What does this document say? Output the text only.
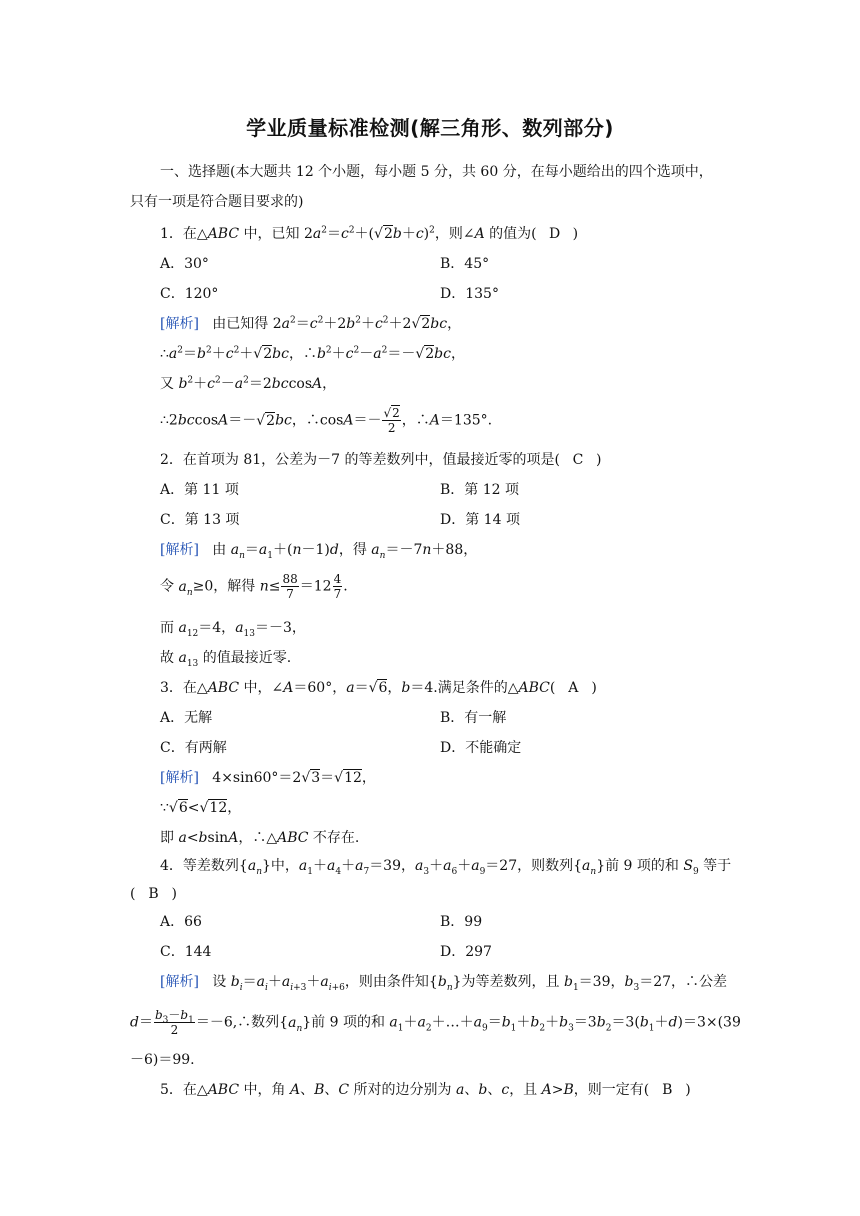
学业质量标准检测(解三角形、数列部分)
一、选择题(本大题共 12 个小题，每小题 5 分，共 60 分，在每小题给出的四个选项中，
只有一项是符合题目要求的)
1．在△ABC 中，已知 $2a^2=c^2+(√$ 2b＋c)$^2$，则∠A 的值为( D )
A．30°	B．45°
C．120°	D．135°
[解析]   由已知得 $2a^2=c^2+2b^2+c^2+2√$ 2bc，
$\therefore a^2=b^2+c^2+√$ 2bc，$\therefore b^2+c^2-a^2=-√$ 2bc，
又 $b^2+c^2-a^2=2bccosA$，
∴2bccosA＝－√ 2bc，∴cosA＝－
√ $\frac{2}{2}$ ，∴A＝135°.
2．在首项为 81，公差为－7 的等差数列中，值最接近零的项是( C )
A．第 11 项	B．第 12 项
C．第 13 项	D．第 14 项
[解析]   由 $a_n=a_1+(n-1)d$，得 $a_n=-7n+88$，
令 $a_n\ge 0$，解得 $n\le \frac{88}{7} =12 \frac{4}{7}$ .
而 $a_{12}=4$，$a_{13}=-3$，
故 $a_{13}$ 的值最接近零.
3．在△ABC 中，∠A＝60°，a＝√ 6，b＝4.满足条件的△ABC( A )
A．无解	B．有一解
C．有两解	D．不能确定
[解析]   4×sin60°＝2√ 3＝√ 12，
∵√ 6<√ 12，
即 a<bsinA，∴△ABC 不存在.
4．等差数列$\{a_n\}$中，$a_1+a_4+a_7=39$，$a_3+a_6+a_9=27$，则数列$\{a_n\}$前 9 项的和 $S_9$ 等于
( B )
A．66	B．99
C．144	D．297
[解析]   设 $b_i=a_i+a_{i+3}+a_{i+6}$，则由条件知$\{b_n\}$为等差数列，且 $b_1=39$，$b_3=27$，∴公差
$d= \frac{b_3-b_1}{2}$ ＝－6,∴数列$\{a_n\}$前 9 项的和 $a_1+a_2+\dots+a_9=b_1+b_2+b_3=3b_2=3(b_1+d)=3\times(39$
－6)＝99.
5．在△ABC 中，角 A、B、C 所对的边分别为 a、b、c，且 A>B，则一定有( B )
